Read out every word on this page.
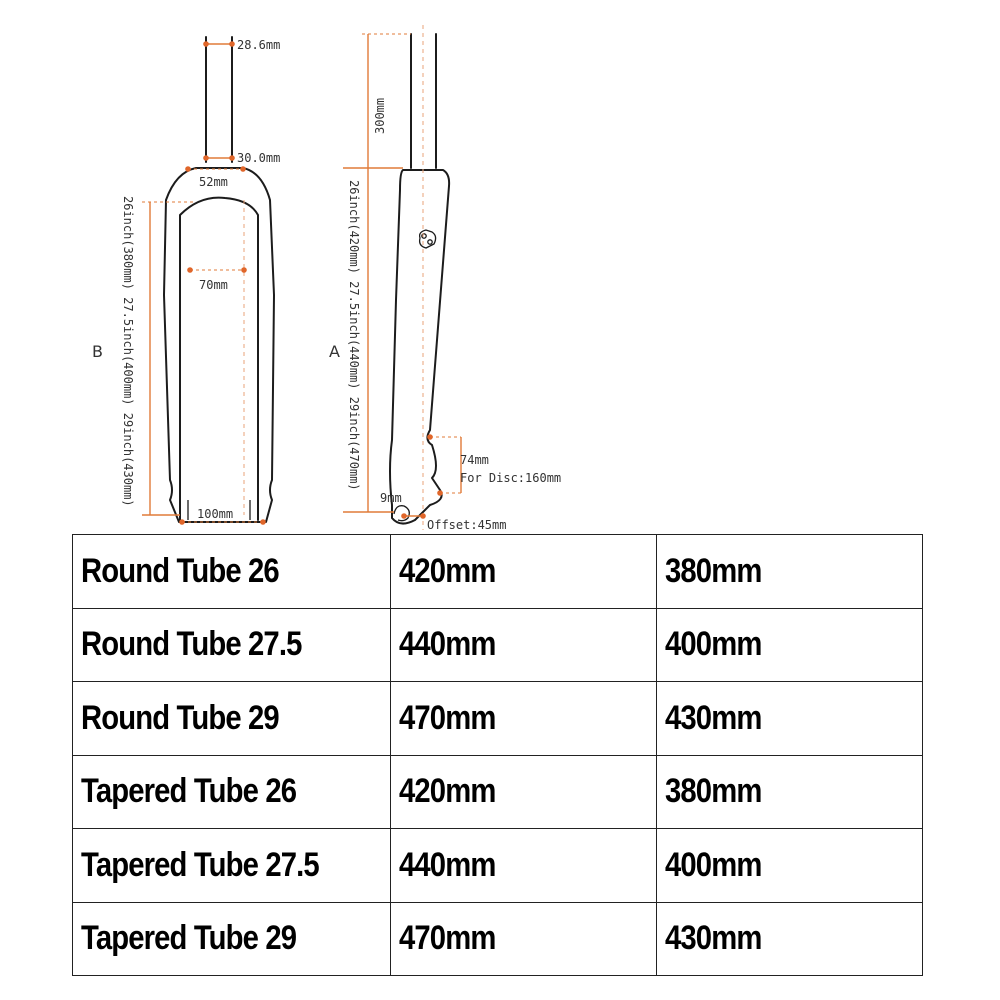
28.6mm
30.0mm
52mm
70mm
100mm
26inch(380mm) 27.5inch(400mm) 29inch(430mm)
B
300mm
26inch(420mm) 27.5inch(440mm) 29inch(470mm)
A
74mm
For Disc:160mm
9mm
Offset:45mm
Round Tube 26	420mm	380mm
Round Tube 27.5	440mm	400mm
Round Tube 29	470mm	430mm
Tapered Tube 26	420mm	380mm
Tapered Tube 27.5	440mm	400mm
Tapered Tube 29	470mm	430mm
